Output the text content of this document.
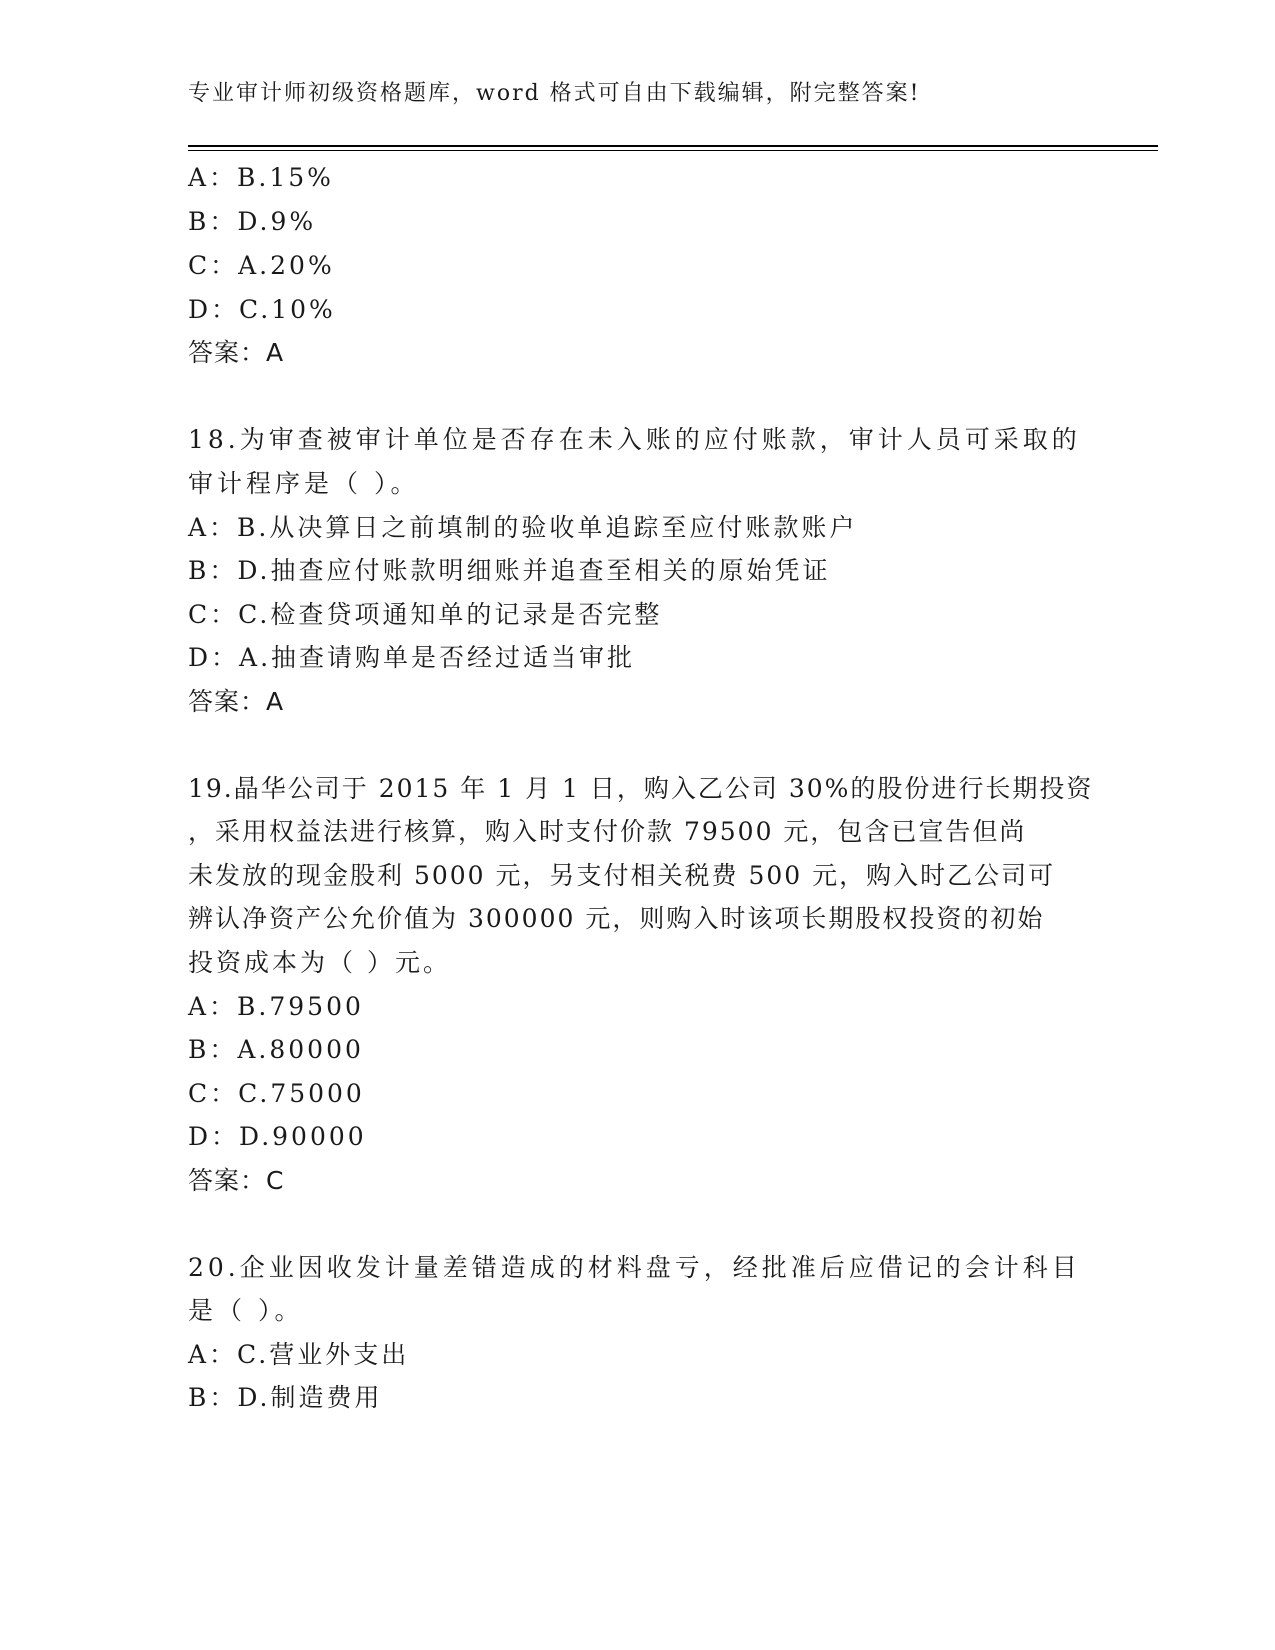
专业审计师初级资格题库，word 格式可自由下载编辑，附完整答案!
A：B.15%
B：D.9%
C：A.20%
D：C.10%
答案：A
18.为审查被审计单位是否存在未入账的应付账款，审计人员可采取的
审计程序是（ ）。
A：B.从决算日之前填制的验收单追踪至应付账款账户
B：D.抽查应付账款明细账并追查至相关的原始凭证
C：C.检查贷项通知单的记录是否完整
D：A.抽查请购单是否经过适当审批
答案：A
19.晶华公司于 2015 年 1 月 1 日，购入乙公司 30%的股份进行长期投资
，采用权益法进行核算，购入时支付价款 79500 元，包含已宣告但尚
未发放的现金股利 5000 元，另支付相关税费 500 元，购入时乙公司可
辨认净资产公允价值为 300000 元，则购入时该项长期股权投资的初始
投资成本为（ ）元。
A：B.79500
B：A.80000
C：C.75000
D：D.90000
答案：C
20.企业因收发计量差错造成的材料盘亏，经批准后应借记的会计科目
是（ ）。
A：C.营业外支出
B：D.制造费用
